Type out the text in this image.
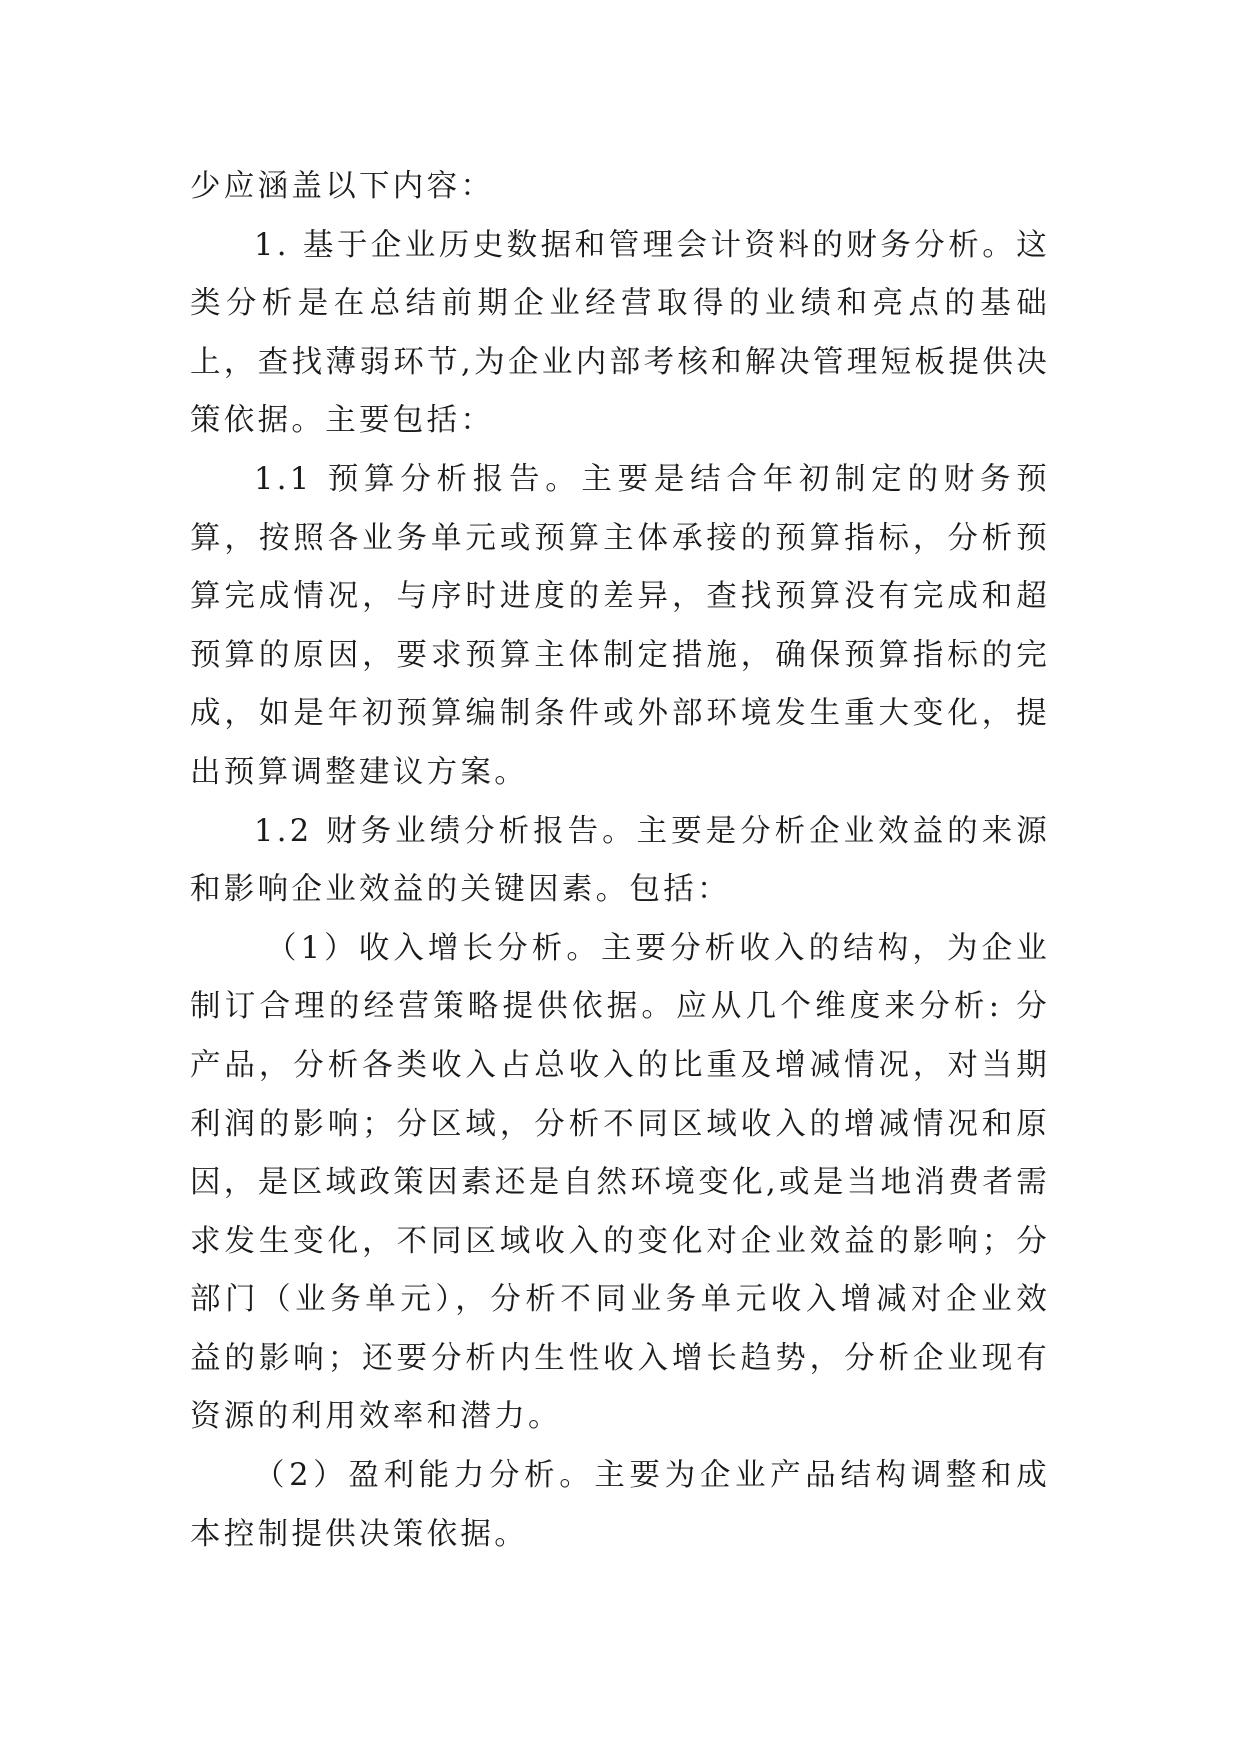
少应涵盖以下内容：

1. 基于企业历史数据和管理会计资料的财务分析。这类分析是在总结前期企业经营取得的业绩和亮点的基础上，查找薄弱环节,为企业内部考核和解决管理短板提供决策依据。主要包括：

1.1 预算分析报告。主要是结合年初制定的财务预算，按照各业务单元或预算主体承接的预算指标，分析预算完成情况，与序时进度的差异，查找预算没有完成和超预算的原因，要求预算主体制定措施，确保预算指标的完成，如是年初预算编制条件或外部环境发生重大变化，提出预算调整建议方案。

1.2 财务业绩分析报告。主要是分析企业效益的来源和影响企业效益的关键因素。包括：

（1）收入增长分析。主要分析收入的结构，为企业制订合理的经营策略提供依据。应从几个维度来分析: 分产品，分析各类收入占总收入的比重及增减情况，对当期利润的影响；分区域，分析不同区域收入的增减情况和原因，是区域政策因素还是自然环境变化,或是当地消费者需求发生变化，不同区域收入的变化对企业效益的影响；分部门（业务单元），分析不同业务单元收入增减对企业效益的影响；还要分析内生性收入增长趋势，分析企业现有资源的利用效率和潜力。

（2）盈利能力分析。主要为企业产品结构调整和成本控制提供决策依据。
